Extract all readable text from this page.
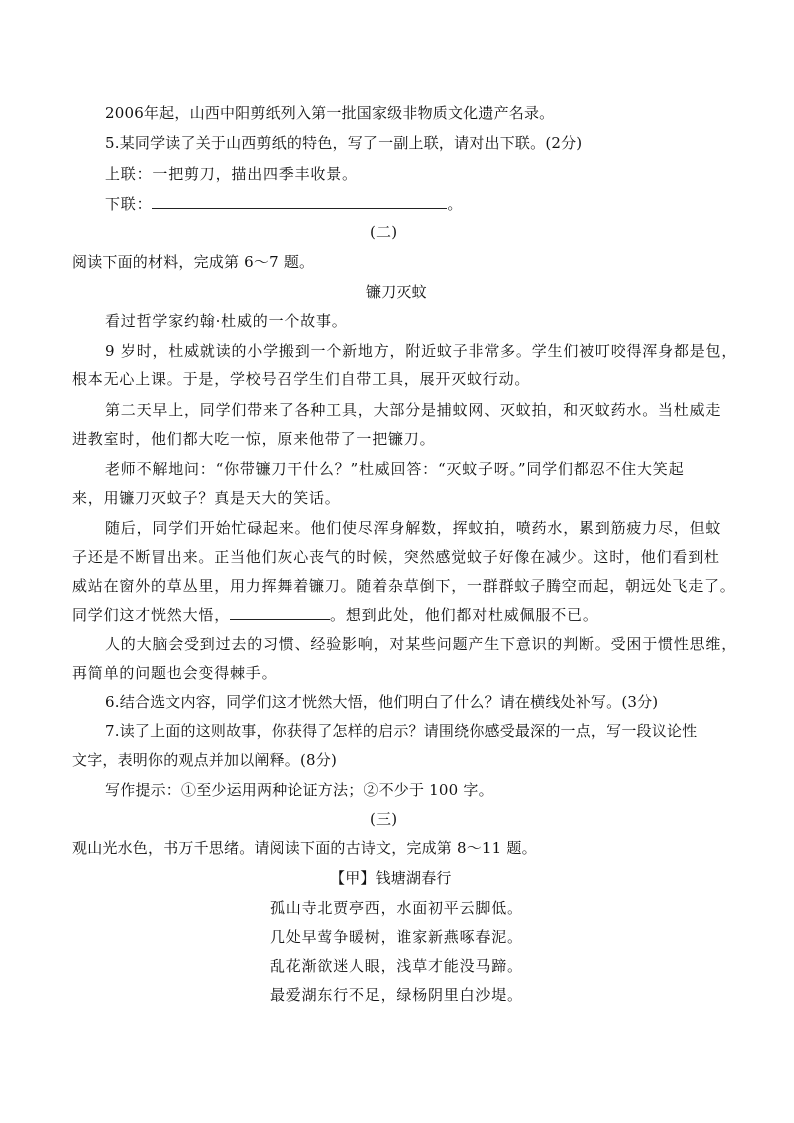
2006年起，山西中阳剪纸列入第一批国家级非物质文化遗产名录。
5.某同学读了关于山西剪纸的特色，写了一副上联，请对出下联。(2分)
上联：一把剪刀，描出四季丰收景。
下联：	。
(二)
阅读下面的材料，完成第 6～7 题。
镰刀灭蚊
看过哲学家约翰·杜威的一个故事。
9 岁时，杜威就读的小学搬到一个新地方，附近蚊子非常多。学生们被叮咬得浑身都是包，
根本无心上课。于是，学校号召学生们自带工具，展开灭蚊行动。
第二天早上，同学们带来了各种工具，大部分是捕蚊网、灭蚊拍，和灭蚊药水。当杜威走
进教室时，他们都大吃一惊，原来他带了一把镰刀。
老师不解地问：“你带镰刀干什么？”杜威回答：“灭蚊子呀。”同学们都忍不住大笑起
来，用镰刀灭蚊子？真是天大的笑话。
随后，同学们开始忙碌起来。他们使尽浑身解数，挥蚊拍，喷药水，累到筋疲力尽，但蚊
子还是不断冒出来。正当他们灰心丧气的时候，突然感觉蚊子好像在减少。这时，他们看到杜
威站在窗外的草丛里，用力挥舞着镰刀。随着杂草倒下，一群群蚊子腾空而起，朝远处飞走了。
同学们这才恍然大悟，	。想到此处，他们都对杜威佩服不已。
人的大脑会受到过去的习惯、经验影响，对某些问题产生下意识的判断。受困于惯性思维，
再简单的问题也会变得棘手。
6.结合选文内容，同学们这才恍然大悟，他们明白了什么？请在横线处补写。(3分)
7.读了上面的这则故事，你获得了怎样的启示？请围绕你感受最深的一点，写一段议论性
文字，表明你的观点并加以阐释。(8分)
写作提示：①至少运用两种论证方法；②不少于 100 字。
(三)
观山光水色，书万千思绪。请阅读下面的古诗文，完成第 8～11 题。
【甲】钱塘湖春行
孤山寺北贾亭西，水面初平云脚低。
几处早莺争暖树，谁家新燕啄春泥。
乱花渐欲迷人眼，浅草才能没马蹄。
最爱湖东行不足，绿杨阴里白沙堤。
